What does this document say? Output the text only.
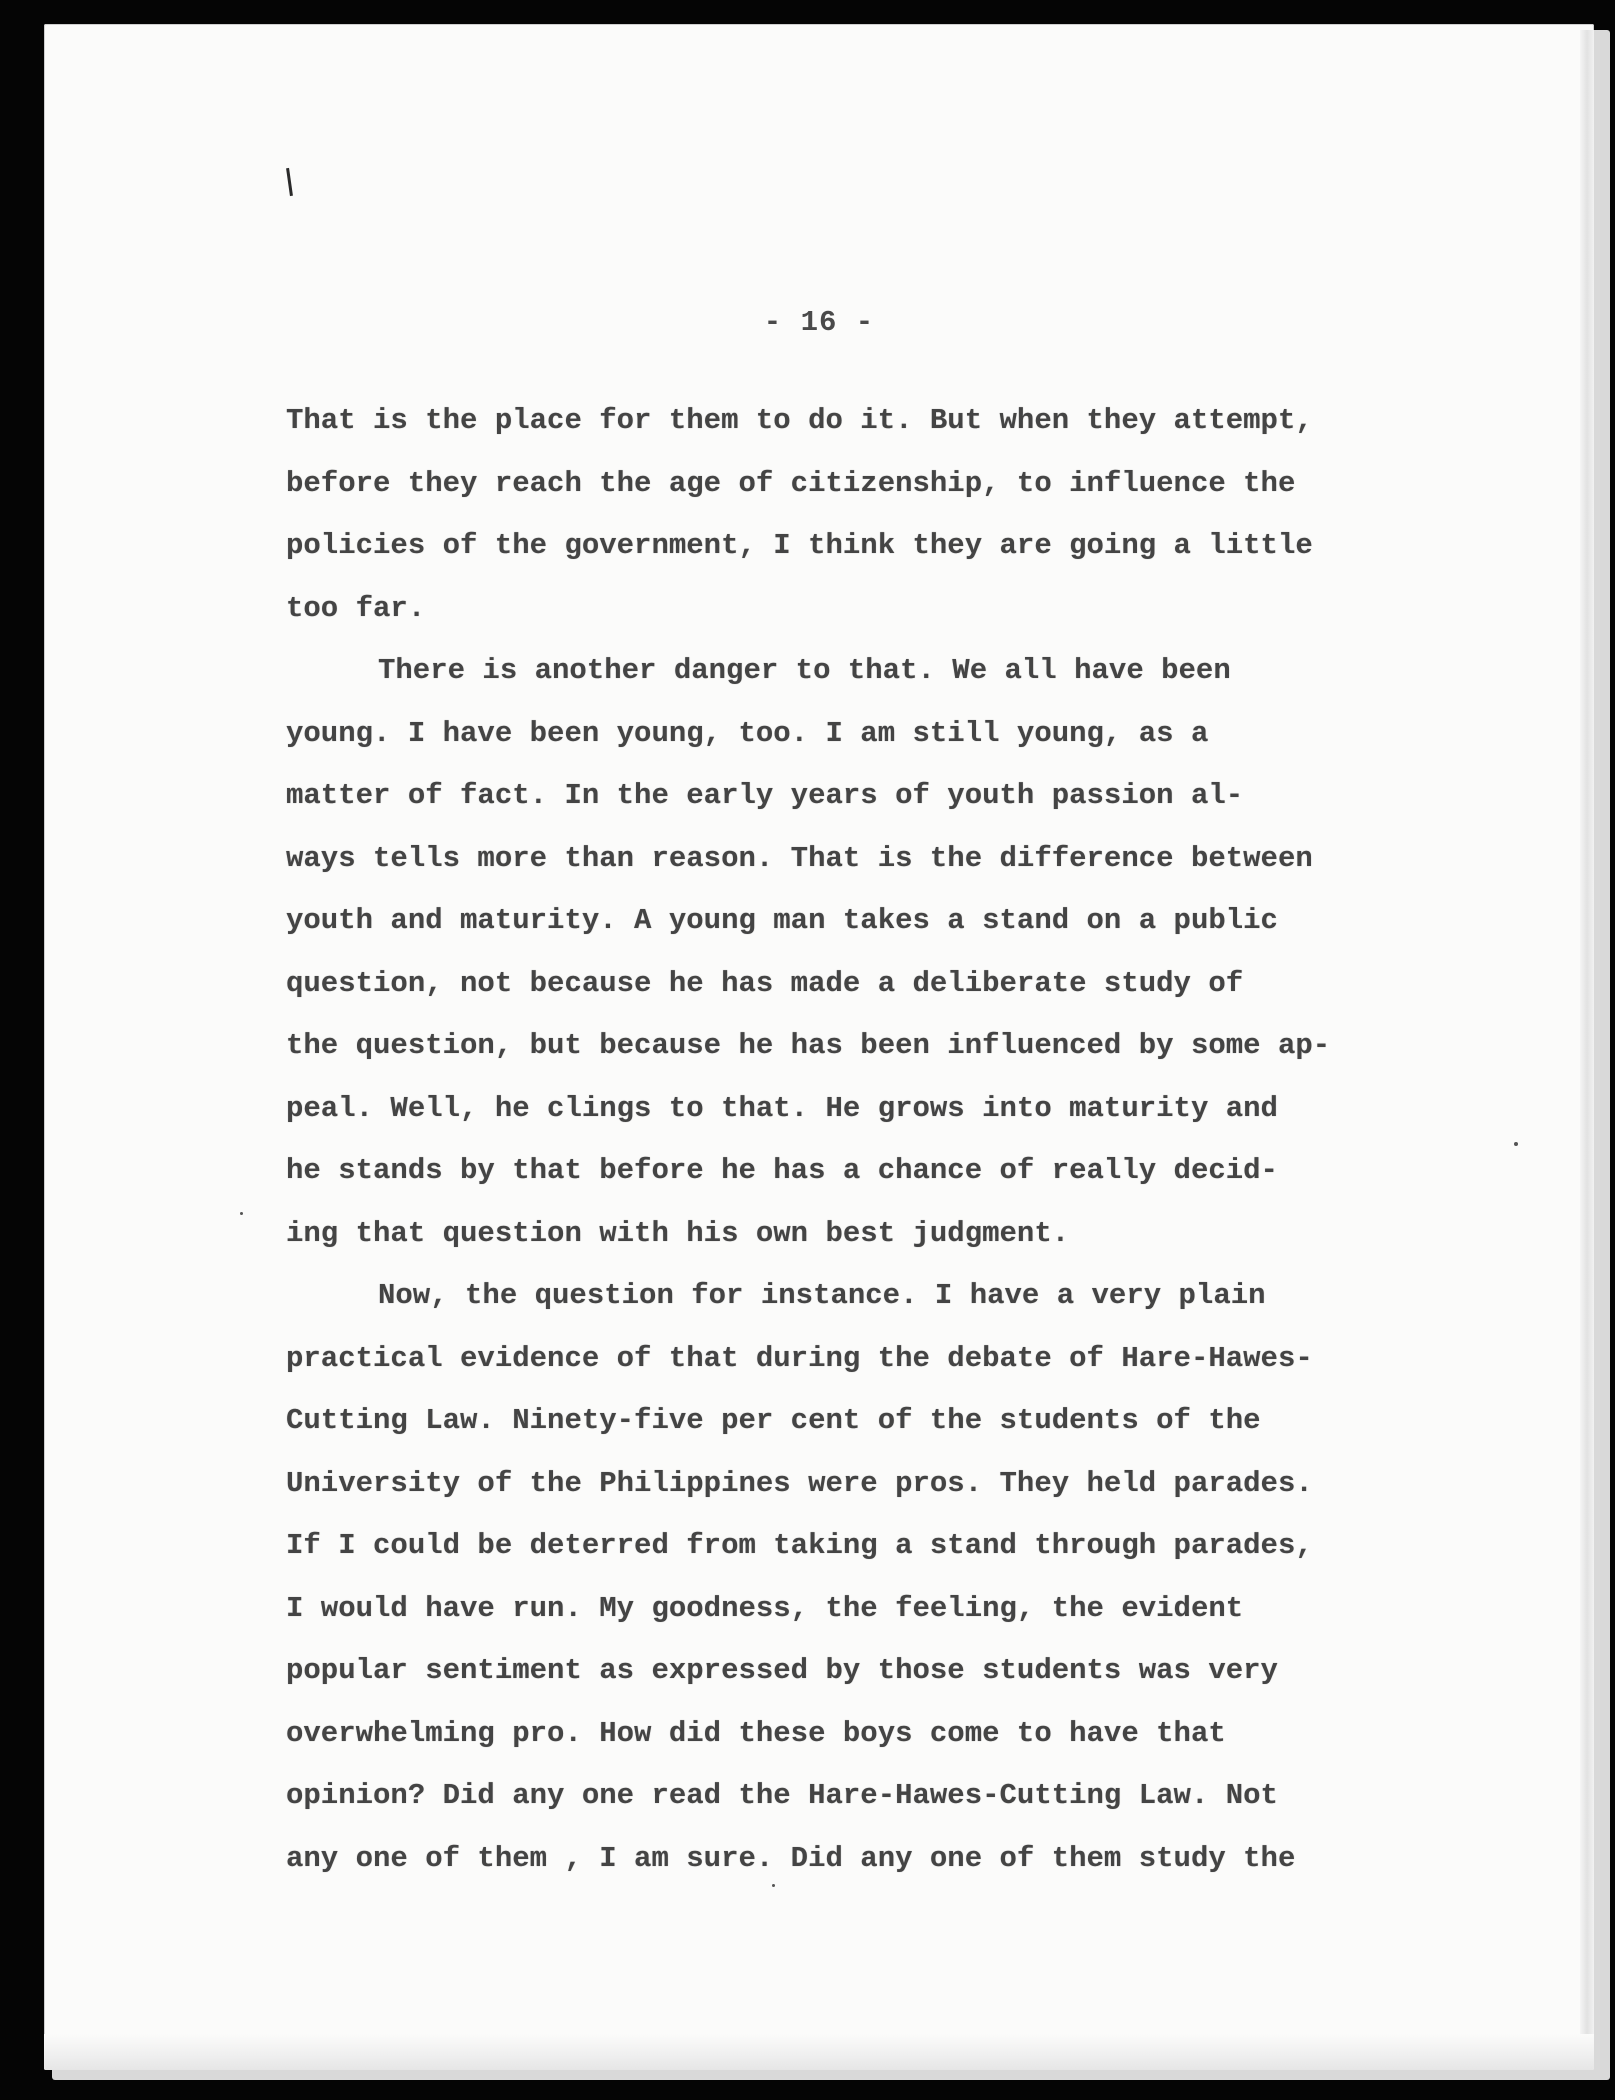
- 16 -
That is the place for them to do it. But when they attempt,
before they reach the age of citizenship, to influence the
policies of the government, I think they are going a little
too far.
There is another danger to that. We all have been
young. I have been young, too. I am still young, as a
matter of fact. In the early years of youth passion al-
ways tells more than reason. That is the difference between
youth and maturity. A young man takes a stand on a public
question, not because he has made a deliberate study of
the question, but because he has been influenced by some ap-
peal. Well, he clings to that. He grows into maturity and
he stands by that before he has a chance of really decid-
ing that question with his own best judgment.
Now, the question for instance. I have a very plain
practical evidence of that during the debate of Hare-Hawes-
Cutting Law. Ninety-five per cent of the students of the
University of the Philippines were pros. They held parades.
If I could be deterred from taking a stand through parades,
I would have run. My goodness, the feeling, the evident
popular sentiment as expressed by those students was very
overwhelming pro. How did these boys come to have that
opinion? Did any one read the Hare-Hawes-Cutting Law. Not
any one of them , I am sure. Did any one of them study the
